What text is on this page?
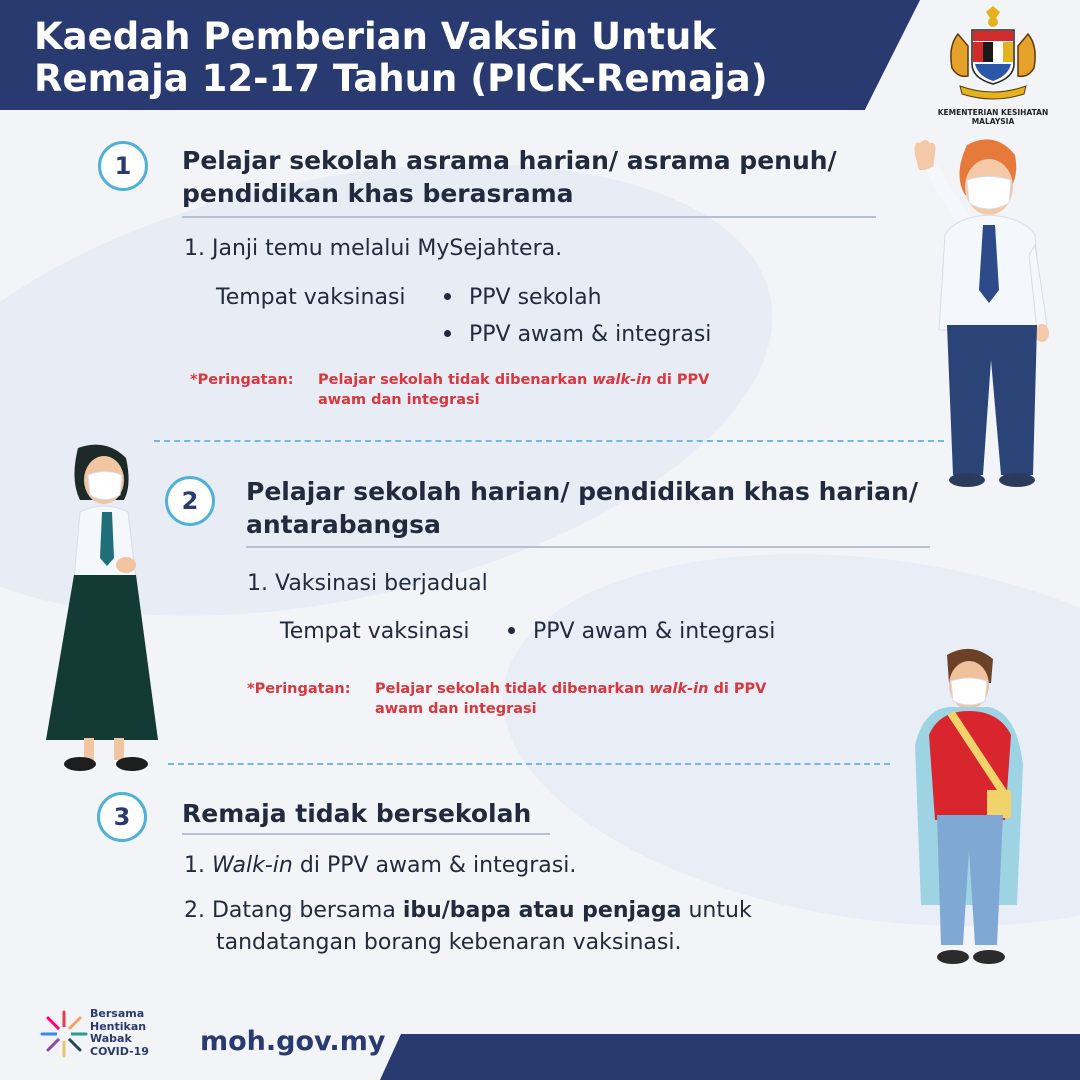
Kaedah Pemberian Vaksin Untuk
Remaja 12-17 Tahun (PICK-Remaja)
KEMENTERIAN KESIHATAN MALAYSIA
1	Pelajar sekolah asrama harian/ asrama penuh/
pendidikan khas berasrama
1. Janji temu melalui MySejahtera.
Tempat vaksinasi	PPV sekolah
PPV awam & integrasi
*Peringatan: Pelajar sekolah tidak dibenarkan walk-in di PPV
awam dan integrasi
2	Pelajar sekolah harian/ pendidikan khas harian/
antarabangsa
1. Vaksinasi berjadual
Tempat vaksinasi	PPV awam & integrasi
*Peringatan: Pelajar sekolah tidak dibenarkan walk-in di PPV
awam dan integrasi
3	Remaja tidak bersekolah
1. Walk-in di PPV awam & integrasi.
2. Datang bersama ibu/bapa atau penjaga untuk
tandatangan borang kebenaran vaksinasi.
Bersama
Hentikan
Wabak
COVID-19 moh.gov.my
